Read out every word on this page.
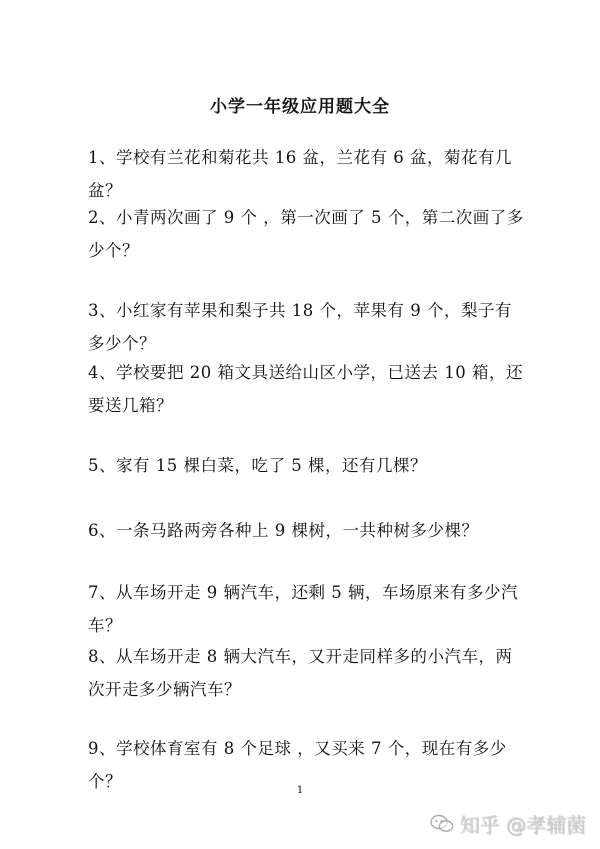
小学一年级应用题大全
1、学校有兰花和菊花共 16 盆，兰花有 6 盆，菊花有几盆？
2、小青两次画了 9 个 ，第一次画了 5 个，第二次画了多少个？
3、小红家有苹果和梨子共 18 个，苹果有 9 个，梨子有多少个？
4、学校要把 20 箱文具送给山区小学，已送去 10 箱，还要送几箱？
5、家有 15 棵白菜，吃了 5 棵，还有几棵？
6、一条马路两旁各种上 9 棵树，一共种树多少棵？
7、从车场开走 9 辆汽车，还剩 5 辆，车场原来有多少汽车？
8、从车场开走 8 辆大汽车，又开走同样多的小汽车，两次开走多少辆汽车？
9、学校体育室有 8 个足球 ，又买来 7 个，现在有多少个？	1
知乎 @孝辅菌
